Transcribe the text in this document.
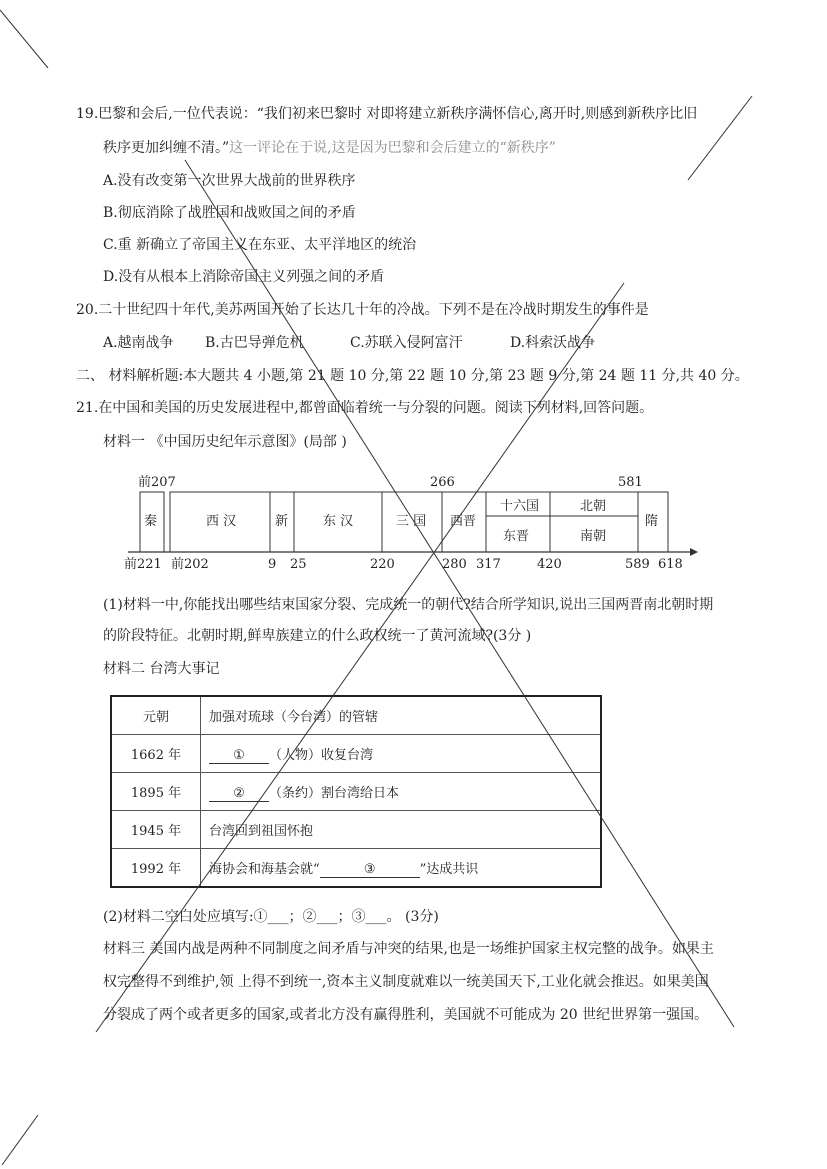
19.巴黎和会后,一位代表说：“我们初来巴黎时 对即将建立新秩序满怀信心,离开时,则感到新秩序比旧
秩序更加纠缠不清。”这一评论在于说,这是因为巴黎和会后建立的“新秩序”
A.没有改变第一次世界大战前的世界秩序
B.彻底消除了战胜国和战败国之间的矛盾
C.重 新确立了帝国主义在东亚、太平洋地区的统治
D.没有从根本上消除帝国主义列强之间的矛盾
20.二十世纪四十年代,美苏两国开始了长达几十年的冷战。下列不是在冷战时期发生的事件是
A.越南战争 B.古巴导弹危机	C.苏联入侵阿富汗	D.科索沃战争
二、 材料解析题:本大题共 4 小题,第 21 题 10 分,第 22 题 10 分,第 23 题 9 分,第 24 题 11 分,共 40 分。
21.在中国和美国的历史发展进程中,都曾面临着统一与分裂的问题。阅读下列材料,回答问题。
材料一 《中国历史纪年示意图》(局部 )
前207	266	581
秦	西 汉	新	东 汉	三 国 西晋
十六国	北朝
东晋	南朝
隋
前221 前202	9 25	220	280 317	420	589 618
(1)材料一中,你能找出哪些结束国家分裂、完成统一的朝代?结合所学知识,说出三国两晋南北朝时期
的阶段特征。北朝时期,鲜卑族建立的什么政权统一了黄河流域?(3分 )
材料二 台湾大事记
元朝	加强对琉球（今台湾）的管辖
1662 年	① （人物）收复台湾
1895 年	② （条约）割台湾给日本
1945 年	台湾回到祖国怀抱
1992 年	海协会和海基会就“ ③ ”达成共识
(2)材料二空白处应填写:①___；②___；③___。 (3分)
材料三 美国内战是两种不同制度之间矛盾与冲突的结果,也是一场维护国家主权完整的战争。如果主
权完整得不到维护,领 上得不到统一,资本主义制度就难以一统美国天下,工业化就会推迟。如果美国
分裂成了两个或者更多的国家,或者北方没有赢得胜利，美国就不可能成为 20 世纪世界第一强国。
